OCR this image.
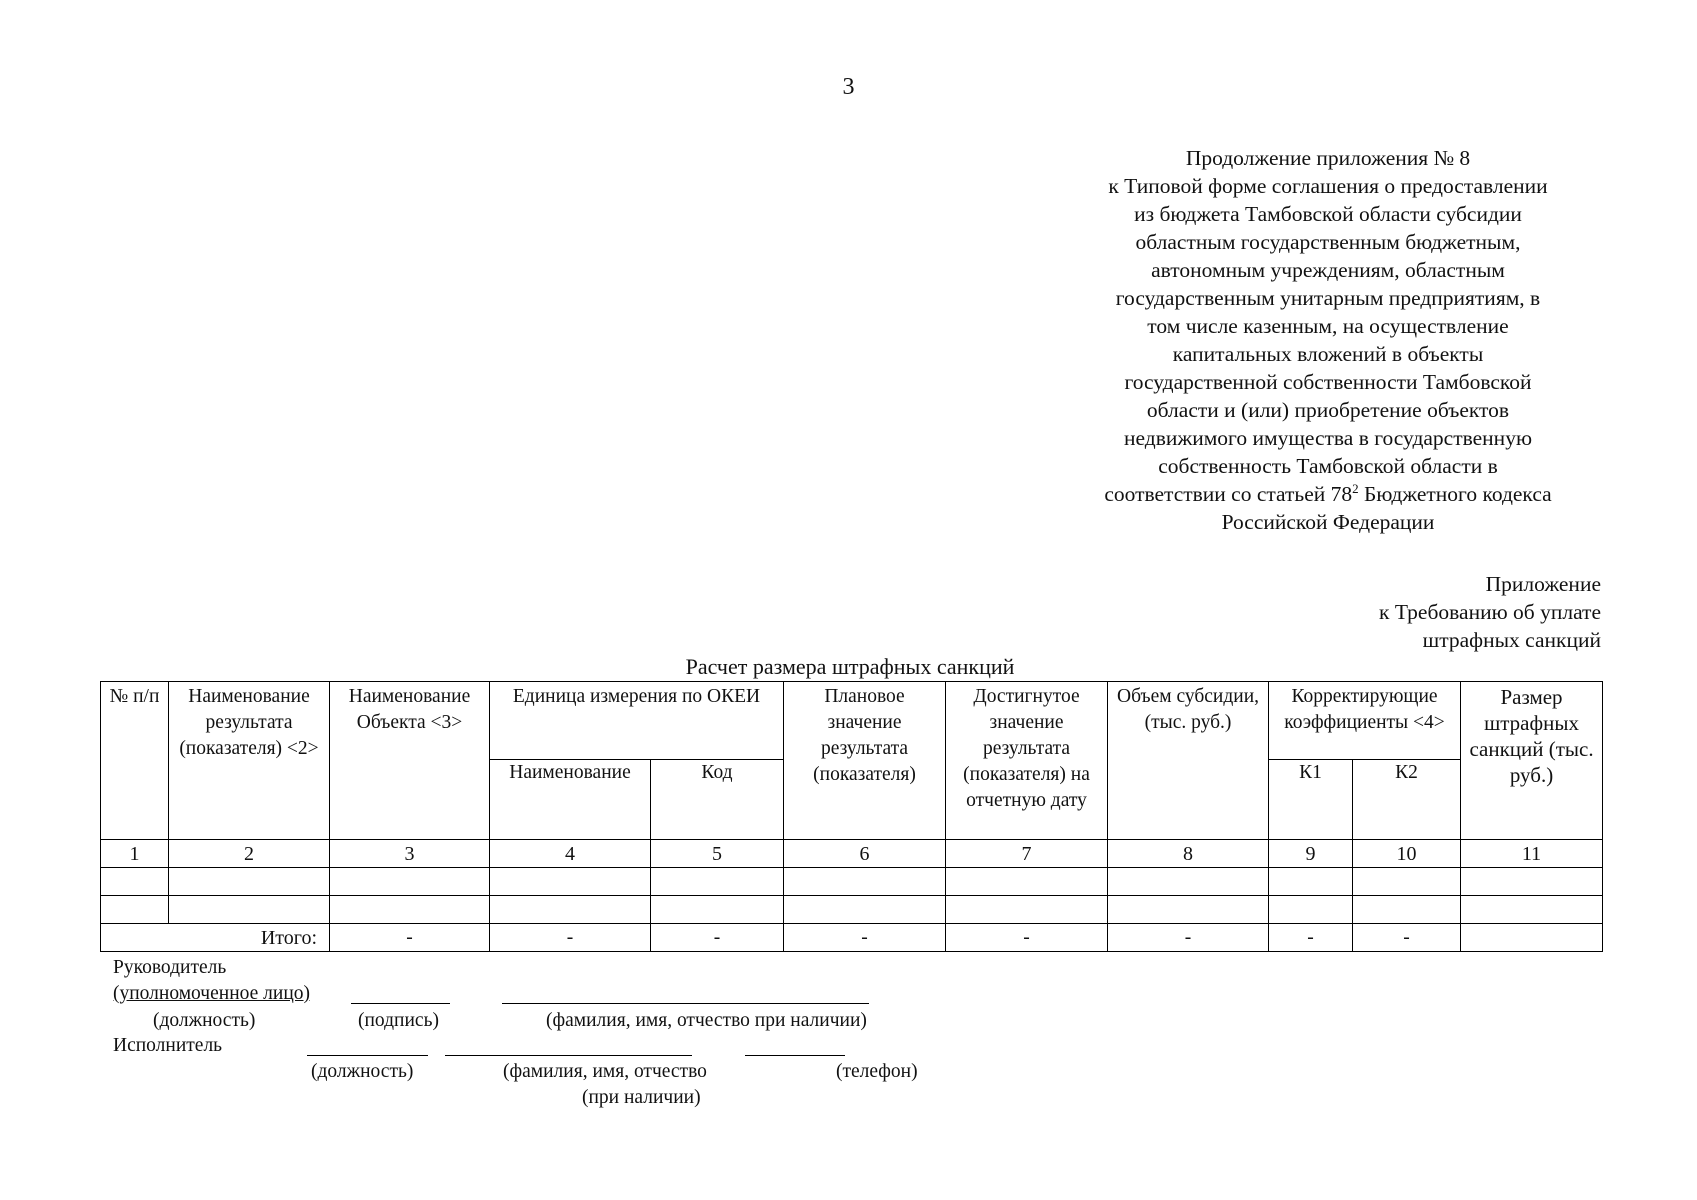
3
Продолжение приложения № 8
к Типовой форме соглашения о предоставлении
из бюджета Тамбовской области субсидии
областным государственным бюджетным,
автономным учреждениям, областным
государственным унитарным предприятиям, в
том числе казенным, на осуществление
капитальных вложений в объекты
государственной собственности Тамбовской
области и (или) приобретение объектов
недвижимого имущества в государственную
собственность Тамбовской области в
соответствии со статьей $78^2$ Бюджетного кодекса
Российской Федерации
Приложение
к Требованию об уплате
штрафных санкций
Расчет размера штрафных санкций
№ п/п	Наименование результата (показателя) <2>	Наименование Объекта <3>	Единица измерения по ОКЕИ		Плановое значение результата (показателя)	Достигнутое значение результата (показателя) на отчетную дату	Объем субсидии, (тыс. руб.)	Корректирующие коэффициенты <4>		Размер штрафных санкций (тыс. руб.)
			Наименование	Код				К1	К2	
1	2	3	4	5	6	7	8	9	10	11

Итого:		-	-	-	-	-	-	-	-	
Руководитель
(уполномоченное лицо)
(должность)	(подпись)	(фамилия, имя, отчество при наличии)
Исполнитель
(должность)	(фамилия, имя, отчество	(телефон)
(при наличии)
